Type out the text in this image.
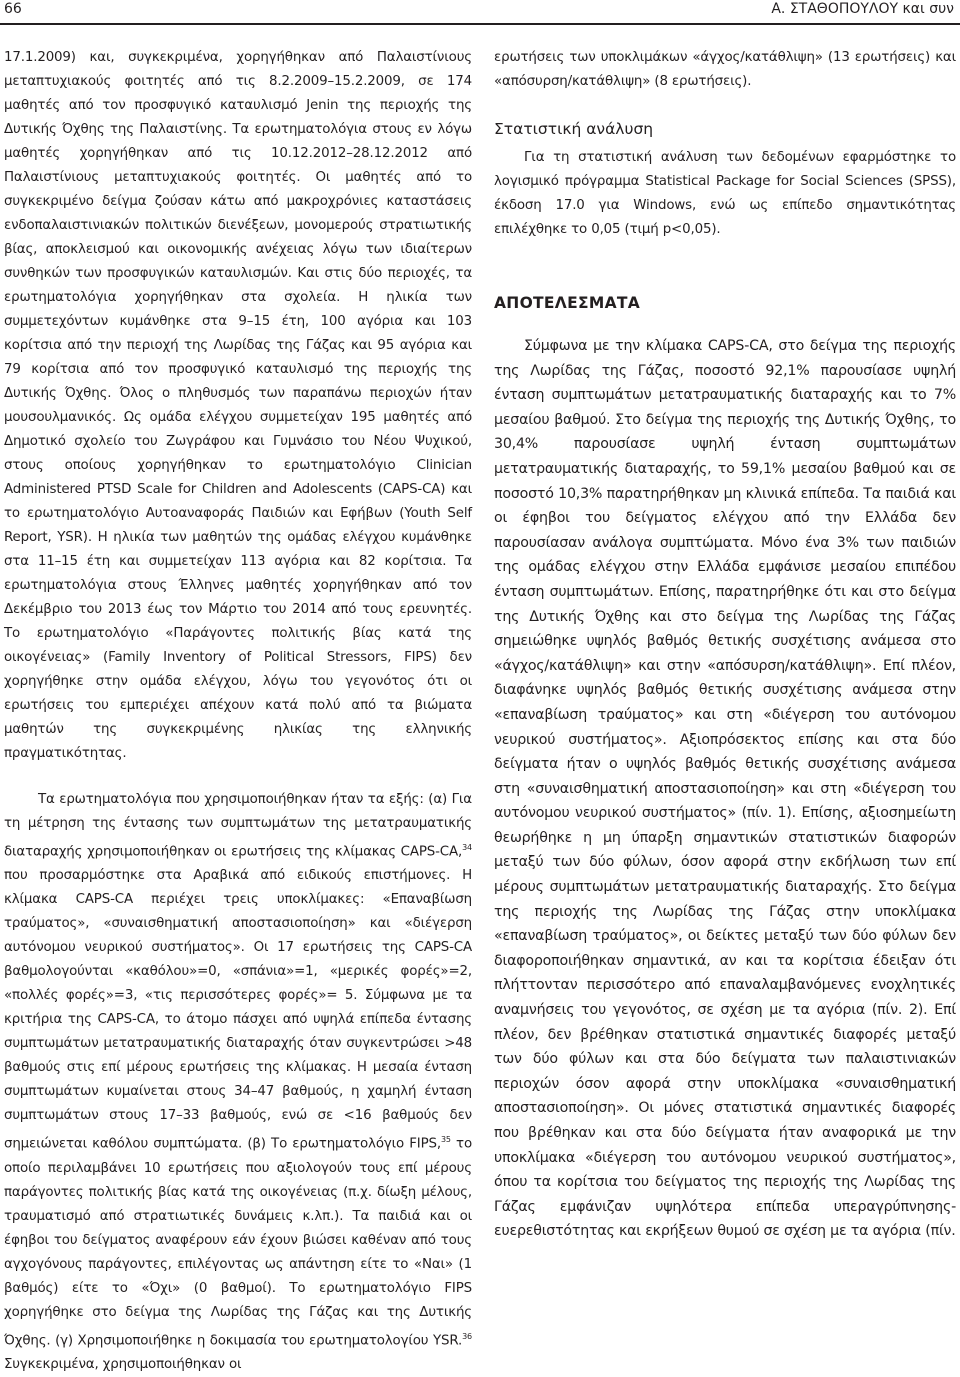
66	Α. ΣΤΑΘΟΠΟΥΛΟΥ και συν

17.1.2009) και, συγκεκριμένα, χορηγήθηκαν από Παλαιστίνιους μεταπτυχιακούς φοιτητές από τις 8.2.2009–15.2.2009, σε 174 μαθητές από τον προσφυγικό καταυλισμό Jenin της περιοχής της Δυτικής Όχθης της Παλαιστίνης. Τα ερωτηματολόγια στους εν λόγω μαθητές χορηγήθηκαν από τις 10.12.2012–28.12.2012 από Παλαιστίνιους μεταπτυχιακούς φοιτητές. Οι μαθητές από το συγκεκριμένο δείγμα ζούσαν κάτω από μακροχρόνιες καταστάσεις ενδοπαλαιστινιακών πολιτικών διενέξεων, μονομερούς στρατιωτικής βίας, αποκλεισμού και οικονομικής ανέχειας λόγω των ιδιαίτερων συνθηκών των προσφυγικών καταυλισμών. Και στις δύο περιοχές, τα ερωτηματολόγια χορηγήθηκαν στα σχολεία. Η ηλικία των συμμετεχόντων κυμάνθηκε στα 9–15 έτη, 100 αγόρια και 103 κορίτσια από την περιοχή της Λωρίδας της Γάζας και 95 αγόρια και 79 κορίτσια από τον προσφυγικό καταυλισμό της περιοχής της Δυτικής Όχθης. Όλος ο πληθυσμός των παραπάνω περιοχών ήταν μουσουλμανικός. Ως ομάδα ελέγχου συμμετείχαν 195 μαθητές από Δημοτικό σχολείο του Ζωγράφου και Γυμνάσιο του Νέου Ψυχικού, στους οποίους χορηγήθηκαν το ερωτηματολόγιο Clinician Administered PTSD Scale for Children and Adolescents (CAPS-CA) και το ερωτηματολόγιο Αυτοαναφοράς Παιδιών και Εφήβων (Youth Self Report, YSR). Η ηλικία των μαθητών της ομάδας ελέγχου κυμάνθηκε στα 11–15 έτη και συμμετείχαν 113 αγόρια και 82 κορίτσια. Τα ερωτηματολόγια στους Έλληνες μαθητές χορηγήθηκαν από τον Δεκέμβριο του 2013 έως τον Μάρτιο του 2014 από τους ερευνητές. Το ερωτηματολόγιο «Παράγοντες πολιτικής βίας κατά της οικογένειας» (Family Inventory of Political Stressors, FIPS) δεν χορηγήθηκε στην ομάδα ελέγχου, λόγω του γεγονότος ότι οι ερωτήσεις του εμπεριέχει απέχουν κατά πολύ από τα βιώματα μαθητών της συγκεκριμένης ηλικίας της ελληνικής πραγματικότητας.

Τα ερωτηματολόγια που χρησιμοποιήθηκαν ήταν τα εξής: (α) Για τη μέτρηση της έντασης των συμπτωμάτων της μετατραυματικής διαταραχής χρησιμοποιήθηκαν οι ερωτήσεις της κλίμακας CAPS-CA,$^{34}$ που προσαρμόστηκε στα Αραβικά από ειδικούς επιστήμονες. Η κλίμακα CAPS-CA περιέχει τρεις υποκλίμακες: «Επαναβίωση τραύματος», «συναισθηματική αποστασιοποίηση» και «διέγερση αυτόνομου νευρικού συστήματος». Οι 17 ερωτήσεις της CAPS-CA βαθμολογούνται «καθόλου»=0, «σπάνια»=1, «μερικές φορές»=2, «πολλές φορές»=3, «τις περισσότερες φορές»= 5. Σύμφωνα με τα κριτήρια της CAPS-CA, το άτομο πάσχει από υψηλά επίπεδα έντασης συμπτωμάτων μετατραυματικής διαταραχής όταν συγκεντρώσει >48 βαθμούς στις επί μέρους ερωτήσεις της κλίμακας. Η μεσαία ένταση συμπτωμάτων κυμαίνεται στους 34–47 βαθμούς, η χαμηλή ένταση συμπτωμάτων στους 17–33 βαθμούς, ενώ σε <16 βαθμούς δεν σημειώνεται καθόλου συμπτώματα. (β) Το ερωτηματολόγιο FIPS,$^{35}$ το οποίο περιλαμβάνει 10 ερωτήσεις που αξιολογούν τους επί μέρους παράγοντες πολιτικής βίας κατά της οικογένειας (π.χ. δίωξη μέλους, τραυματισμό από στρατιωτικές δυνάμεις κ.λπ.). Τα παιδιά και οι έφηβοι του δείγματος αναφέρουν εάν έχουν βιώσει καθέναν από τους αγχογόνους παράγοντες, επιλέγοντας ως απάντηση είτε το «Ναι» (1 βαθμός) είτε το «Όχι» (0 βαθμοί). Το ερωτηματολόγιο FIPS χορηγήθηκε στο δείγμα της Λωρίδας της Γάζας και της Δυτικής Όχθης. (γ) Χρησιμοποιήθηκε η δοκιμασία του ερωτηματολογίου YSR.$^{36}$ Συγκεκριμένα, χρησιμοποιήθηκαν οι

ερωτήσεις των υποκλιμάκων «άγχος/κατάθλιψη» (13 ερωτήσεις) και «απόσυρση/κατάθλιψη» (8 ερωτήσεις).

Στατιστική ανάλυση

Για τη στατιστική ανάλυση των δεδομένων εφαρμόστηκε το λογισμικό πρόγραμμα Statistical Package for Social Sciences (SPSS), έκδοση 17.0 για Windows, ενώ ως επίπεδο σημαντικότητας επιλέχθηκε το 0,05 (τιμή p<0,05).

ΑΠΟΤΕΛΕΣΜΑΤΑ

Σύμφωνα με την κλίμακα CAPS-CA, στο δείγμα της περιοχής της Λωρίδας της Γάζας, ποσοστό 92,1% παρουσίασε υψηλή ένταση συμπτωμάτων μετατραυματικής διαταραχής και το 7% μεσαίου βαθμού. Στο δείγμα της περιοχής της Δυτικής Όχθης, το 30,4% παρουσίασε υψηλή ένταση συμπτωμάτων μετατραυματικής διαταραχής, το 59,1% μεσαίου βαθμού και σε ποσοστό 10,3% παρατηρήθηκαν μη κλινικά επίπεδα. Τα παιδιά και οι έφηβοι του δείγματος ελέγχου από την Ελλάδα δεν παρουσίασαν ανάλογα συμπτώματα. Μόνο ένα 3% των παιδιών της ομάδας ελέγχου στην Ελλάδα εμφάνισε μεσαίου επιπέδου ένταση συμπτωμάτων. Επίσης, παρατηρήθηκε ότι και στο δείγμα της Δυτικής Όχθης και στο δείγμα της Λωρίδας της Γάζας σημειώθηκε υψηλός βαθμός θετικής συσχέτισης ανάμεσα στο «άγχος/κατάθλιψη» και στην «απόσυρση/κατάθλιψη». Επί πλέον, διαφάνηκε υψηλός βαθμός θετικής συσχέτισης ανάμεσα στην «επαναβίωση τραύματος» και στη «διέγερση του αυτόνομου νευρικού συστήματος». Αξιοπρόσεκτος επίσης και στα δύο δείγματα ήταν ο υψηλός βαθμός θετικής συσχέτισης ανάμεσα στη «συναισθηματική αποστασιοποίηση» και στη «διέγερση του αυτόνομου νευρικού συστήματος» (πίν. 1). Επίσης, αξιοσημείωτη θεωρήθηκε η μη ύπαρξη σημαντικών στατιστικών διαφορών μεταξύ των δύο φύλων, όσον αφορά στην εκδήλωση των επί μέρους συμπτωμάτων μετατραυματικής διαταραχής. Στο δείγμα της περιοχής της Λωρίδας της Γάζας στην υποκλίμακα «επαναβίωση τραύματος», οι δείκτες μεταξύ των δύο φύλων δεν διαφοροποιήθηκαν σημαντικά, αν και τα κορίτσια έδειξαν ότι πλήττονταν περισσότερο από επαναλαμβανόμενες ενοχλητικές αναμνήσεις του γεγονότος, σε σχέση με τα αγόρια (πίν. 2). Επί πλέον, δεν βρέθηκαν στατιστικά σημαντικές διαφορές μεταξύ των δύο φύλων και στα δύο δείγματα των παλαιστινιακών περιοχών όσον αφορά στην υποκλίμακα «συναισθηματική αποστασιοποίηση». Οι μόνες στατιστικά σημαντικές διαφορές που βρέθηκαν και στα δύο δείγματα ήταν αναφορικά με την υποκλίμακα «διέγερση του αυτόνομου νευρικού συστήματος», όπου τα κορίτσια του δείγματος της περιοχής της Λωρίδας της Γάζας εμφάνιζαν υψηλότερα επίπεδα υπεραγρύπνησης-ευερεθιστότητας και εκρήξεων θυμού σε σχέση με τα αγόρια (πίν.
